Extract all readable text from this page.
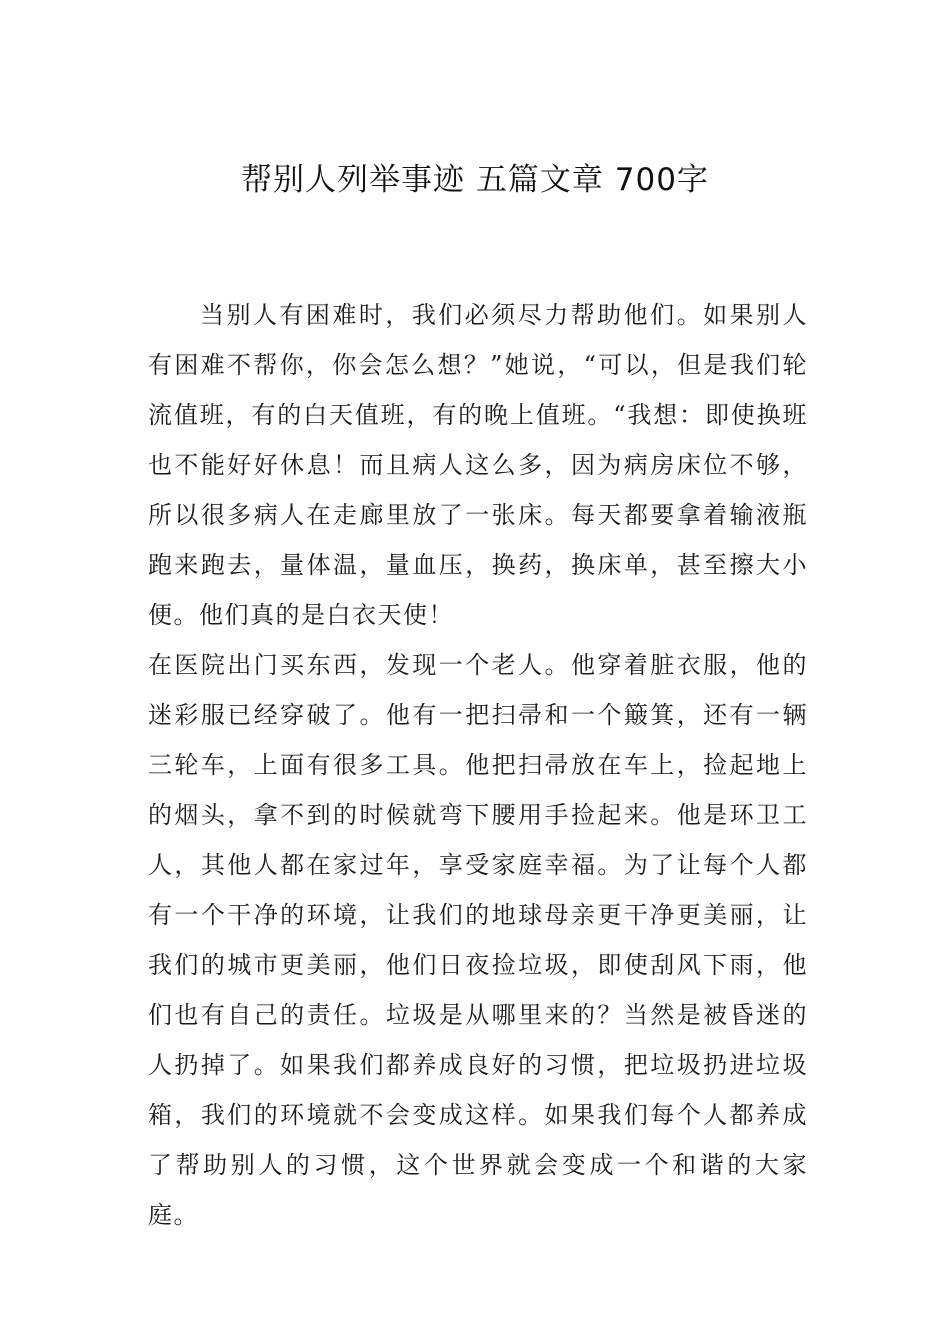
帮别人列举事迹 五篇文章 700字

当别人有困难时，我们必须尽力帮助他们。如果别人有困难不帮你，你会怎么想？”她说，“可以，但是我们轮流值班，有的白天值班，有的晚上值班。“我想：即使换班也不能好好休息！而且病人这么多，因为病房床位不够，所以很多病人在走廊里放了一张床。每天都要拿着输液瓶跑来跑去，量体温，量血压，换药，换床单，甚至擦大小便。他们真的是白衣天使！

在医院出门买东西，发现一个老人。他穿着脏衣服，他的迷彩服已经穿破了。他有一把扫帚和一个簸箕，还有一辆三轮车，上面有很多工具。他把扫帚放在车上，捡起地上的烟头，拿不到的时候就弯下腰用手捡起来。他是环卫工人，其他人都在家过年，享受家庭幸福。为了让每个人都有一个干净的环境，让我们的地球母亲更干净更美丽，让我们的城市更美丽，他们日夜捡垃圾，即使刮风下雨，他们也有自己的责任。垃圾是从哪里来的？当然是被昏迷的人扔掉了。如果我们都养成良好的习惯，把垃圾扔进垃圾箱，我们的环境就不会变成这样。如果我们每个人都养成了帮助别人的习惯，这个世界就会变成一个和谐的大家庭。
